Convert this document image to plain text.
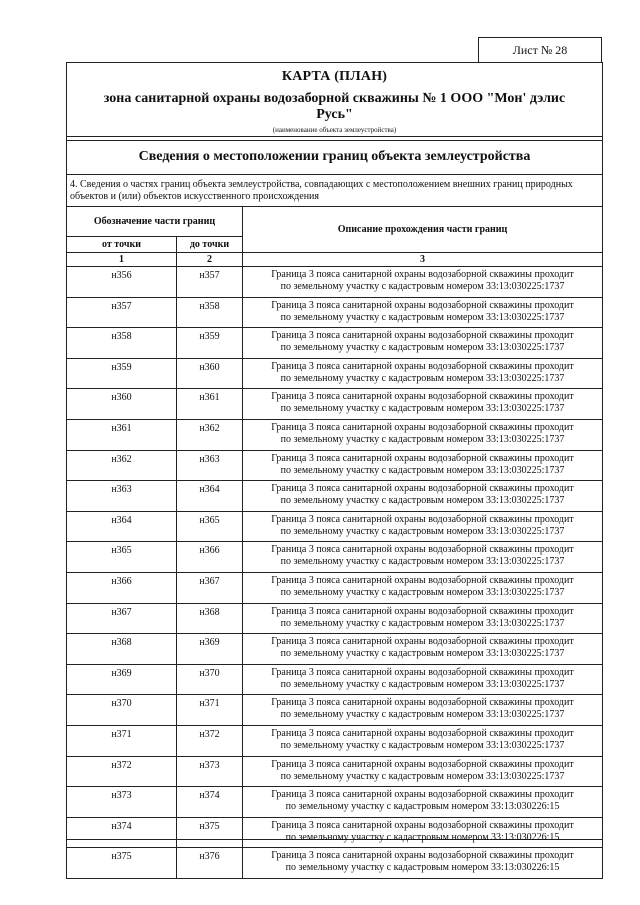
Лист № 28
КАРТА (ПЛАН)
зона санитарной охраны водозаборной скважины № 1 ООО "Мон' дэлис Русь"
(наименование объекта землеустройства)
Сведения о местоположении границ объекта землеустройства
4. Сведения о частях границ объекта землеустройства, совпадающих с местоположением внешних границ природных объектов и (или) объектов искусственного происхождения
Обозначение части границ		Описание прохождения части границ
от точки	до точки	
1	2	3
н356	н357	Граница 3 пояса санитарной охраны водозаборной скважины проходит
по земельному участку с кадастровым номером 33:13:030225:1737

н357	н358	Граница 3 пояса санитарной охраны водозаборной скважины проходит
по земельному участку с кадастровым номером 33:13:030225:1737

н358	н359	Граница 3 пояса санитарной охраны водозаборной скважины проходит
по земельному участку с кадастровым номером 33:13:030225:1737

н359	н360	Граница 3 пояса санитарной охраны водозаборной скважины проходит
по земельному участку с кадастровым номером 33:13:030225:1737

н360	н361	Граница 3 пояса санитарной охраны водозаборной скважины проходит
по земельному участку с кадастровым номером 33:13:030225:1737

н361	н362	Граница 3 пояса санитарной охраны водозаборной скважины проходит
по земельному участку с кадастровым номером 33:13:030225:1737

н362	н363	Граница 3 пояса санитарной охраны водозаборной скважины проходит
по земельному участку с кадастровым номером 33:13:030225:1737

н363	н364	Граница 3 пояса санитарной охраны водозаборной скважины проходит
по земельному участку с кадастровым номером 33:13:030225:1737

н364	н365	Граница 3 пояса санитарной охраны водозаборной скважины проходит
по земельному участку с кадастровым номером 33:13:030225:1737

н365	н366	Граница 3 пояса санитарной охраны водозаборной скважины проходит
по земельному участку с кадастровым номером 33:13:030225:1737

н366	н367	Граница 3 пояса санитарной охраны водозаборной скважины проходит
по земельному участку с кадастровым номером 33:13:030225:1737

н367	н368	Граница 3 пояса санитарной охраны водозаборной скважины проходит
по земельному участку с кадастровым номером 33:13:030225:1737

н368	н369	Граница 3 пояса санитарной охраны водозаборной скважины проходит
по земельному участку с кадастровым номером 33:13:030225:1737

н369	н370	Граница 3 пояса санитарной охраны водозаборной скважины проходит
по земельному участку с кадастровым номером 33:13:030225:1737

н370	н371	Граница 3 пояса санитарной охраны водозаборной скважины проходит
по земельному участку с кадастровым номером 33:13:030225:1737

н371	н372	Граница 3 пояса санитарной охраны водозаборной скважины проходит
по земельному участку с кадастровым номером 33:13:030225:1737

н372	н373	Граница 3 пояса санитарной охраны водозаборной скважины проходит
по земельному участку с кадастровым номером 33:13:030225:1737

н373	н374	Граница 3 пояса санитарной охраны водозаборной скважины проходит
по земельному участку с кадастровым номером 33:13:030226:15

н374	н375	Граница 3 пояса санитарной охраны водозаборной скважины проходит
по земельному участку с кадастровым номером 33:13:030226:15

н375	н376	Граница 3 пояса санитарной охраны водозаборной скважины проходит
по земельному участку с кадастровым номером 33:13:030226:15
